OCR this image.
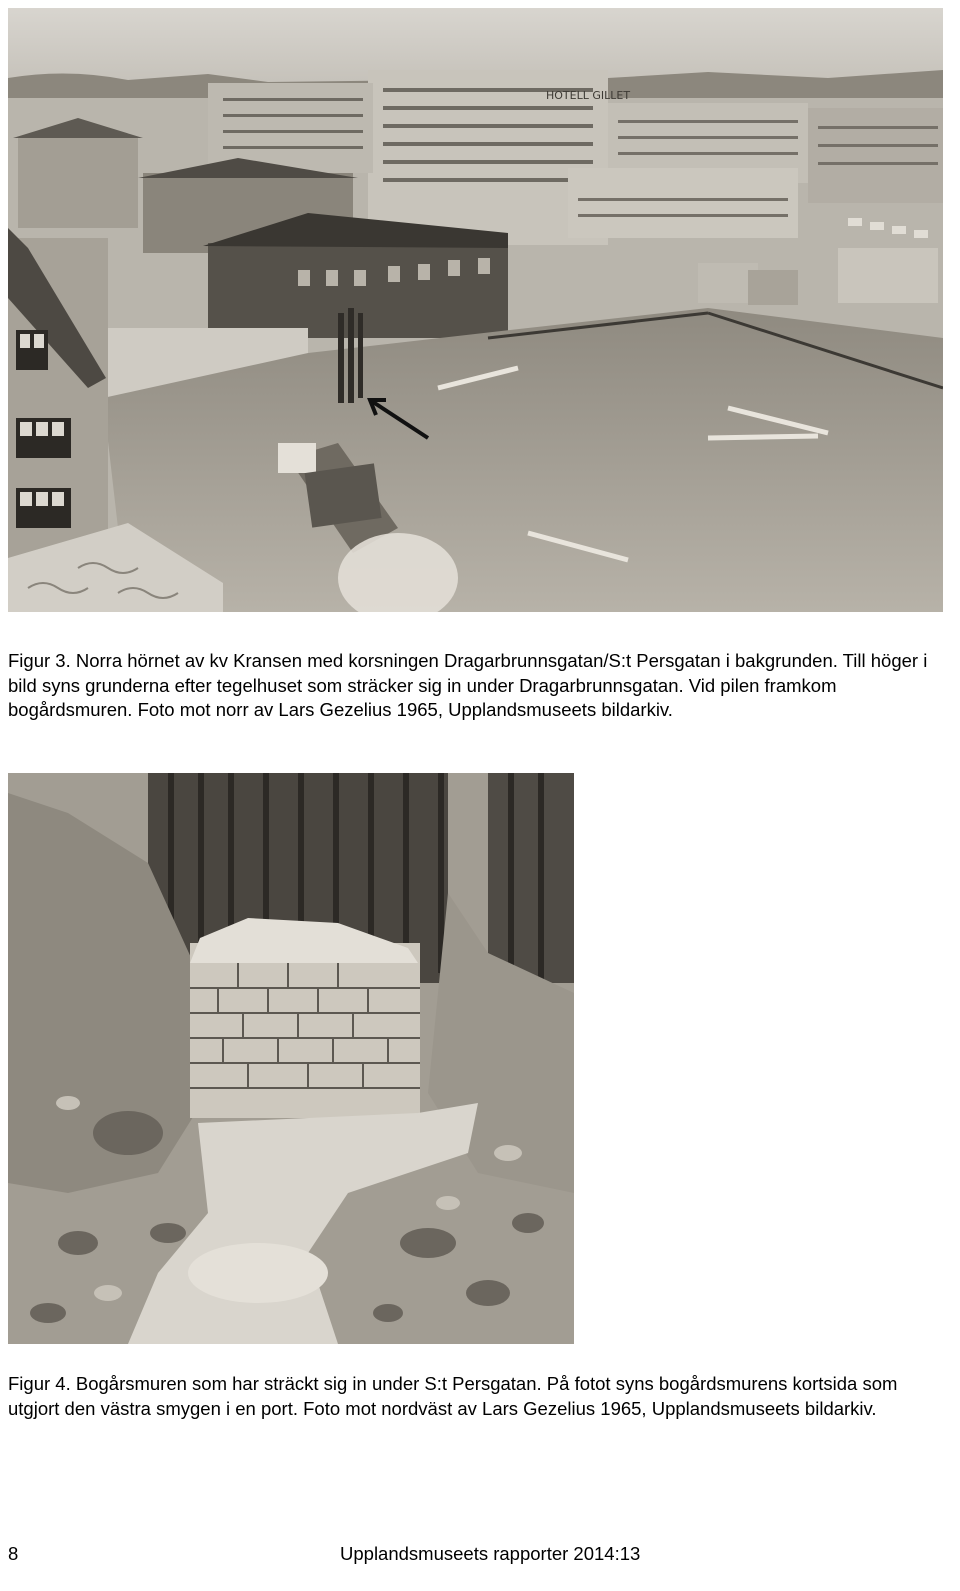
HOTELL GILLET

Figur 3. Norra hörnet av kv Kransen med korsningen Dragarbrunnsgatan/S:t Persgatan i bakgrunden. Till höger i bild syns grunderna efter tegelhuset som sträcker sig in under Dragarbrunnsgatan. Vid pilen framkom bogårdsmuren. Foto mot norr av Lars Gezelius 1965, Upplandsmuseets bildarkiv.

Figur 4. Bogårsmuren som har sträckt sig in under S:t Persgatan. På fotot syns bogårdsmurens kortsida som utgjort den västra smygen i en port. Foto mot nordväst av Lars Gezelius 1965, Upplandsmuseets bildarkiv.

8	Upplandsmuseets rapporter 2014:13
